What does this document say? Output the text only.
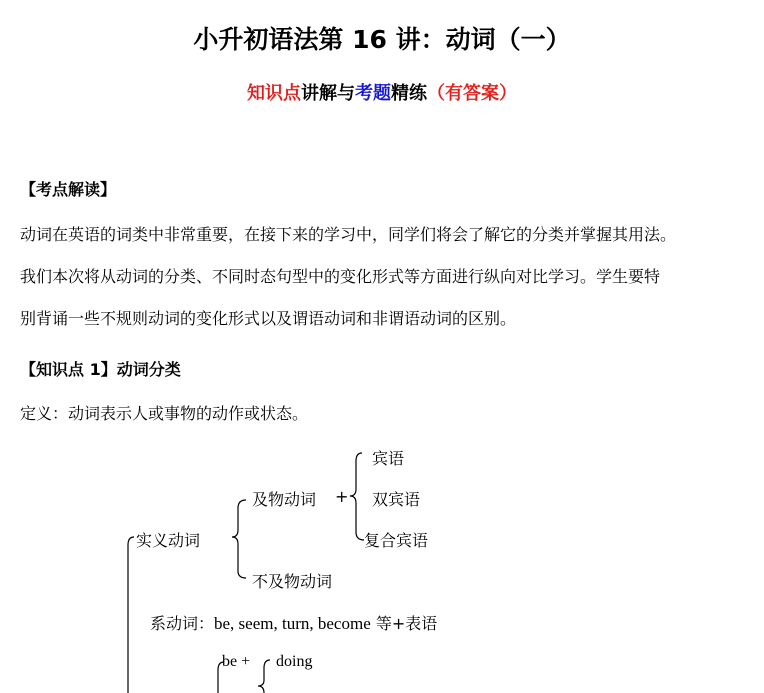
小升初语法第 16 讲：动词（一）
知识点讲解与考题精练（有答案）
【考点解读】
动词在英语的词类中非常重要，在接下来的学习中，同学们将会了解它的分类并掌握其用法。
我们本次将从动词的分类、不同时态句型中的变化形式等方面进行纵向对比学习。学生要特
别背诵一些不规则动词的变化形式以及谓语动词和非谓语动词的区别。
【知识点 1】动词分类
定义：动词表示人或事物的动作或状态。
实义动词
及物动词 +
宾语
双宾语
复合宾语
不及物动词
系动词：be, seem, turn, become 等+表语
be + doing
